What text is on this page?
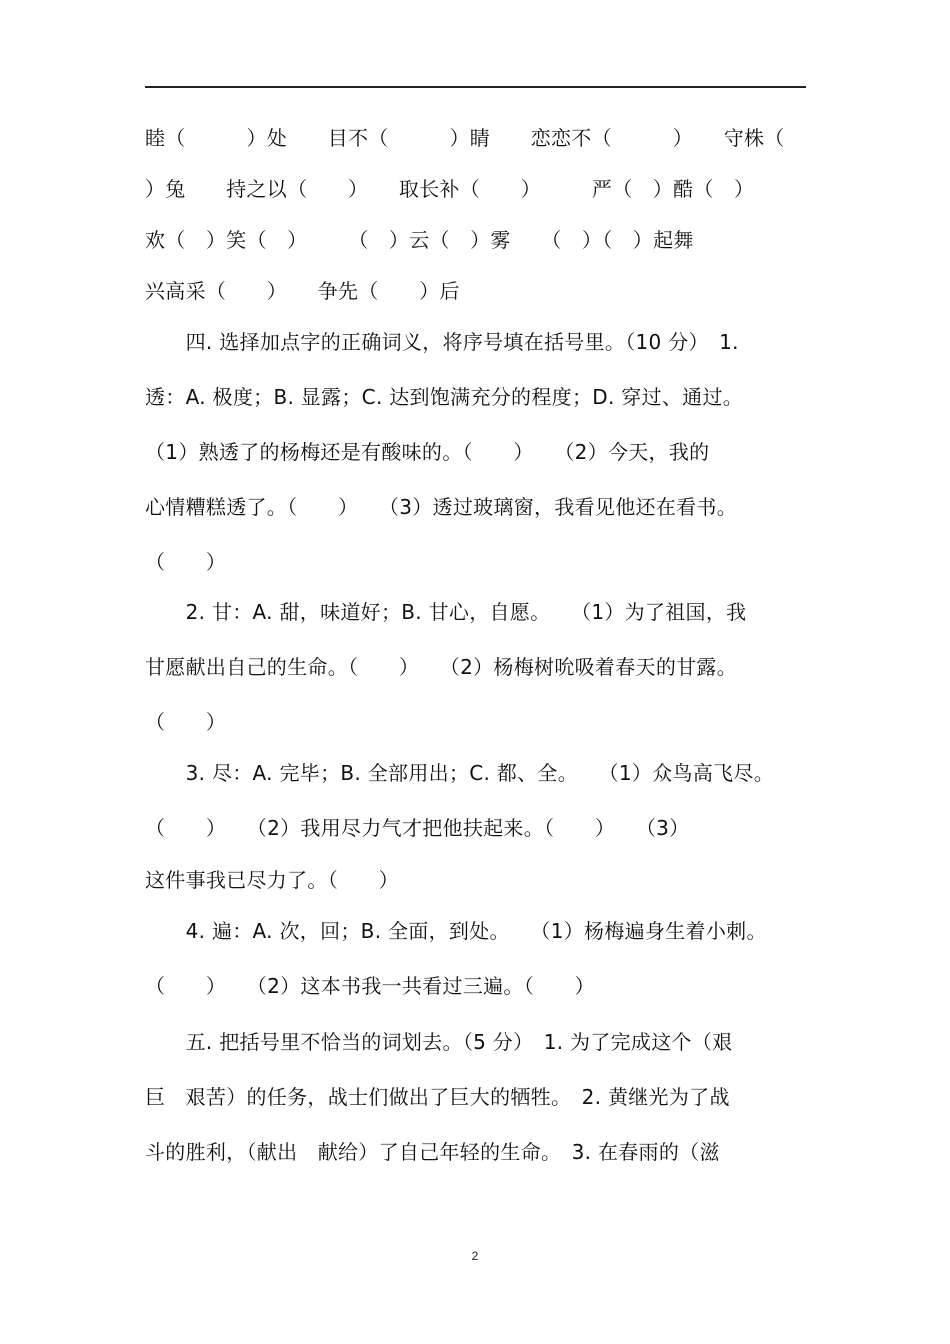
睦（　　　）处　　目不（　　　）睛　　恋恋不（　　　）　　守株（
）兔　　持之以（　　）　　取长补（　　）　　　严（　）酷（　）
欢（　）笑（　）　　　（　）云（　）雾　　（　）（　）起舞
兴高采（　　）　　争先（　　）后
　　四. 选择加点字的正确词义，将序号填在括号里。（10 分）　1.
透：A. 极度；B. 显露；C. 达到饱满充分的程度；D. 穿过、通过。
（1）熟透了的杨梅还是有酸味的。（　　）　　（2）今天，我的
心情糟糕透了。（　　）　　（3）透过玻璃窗，我看见他还在看书。
（　　）
　　2. 甘：A. 甜，味道好；B. 甘心，自愿。　　（1）为了祖国，我
甘愿献出自己的生命。（　　）　　（2）杨梅树吮吸着春天的甘露。
（　　）
　　3. 尽：A. 完毕；B. 全部用出；C. 都、全。　　（1）众鸟高飞尽。
（　　）　　（2）我用尽力气才把他扶起来。（　　）　　（3）
这件事我已尽力了。（　　）
　　4. 遍：A. 次，回；B. 全面，到处。　　（1）杨梅遍身生着小刺。
（　　）　　（2）这本书我一共看过三遍。（　　）
　　五. 把括号里不恰当的词划去。（5 分）　1. 为了完成这个（艰
巨　艰苦）的任务，战士们做出了巨大的牺牲。　2. 黄继光为了战
斗的胜利，（献出　献给）了自己年轻的生命。　3. 在春雨的（滋
2
